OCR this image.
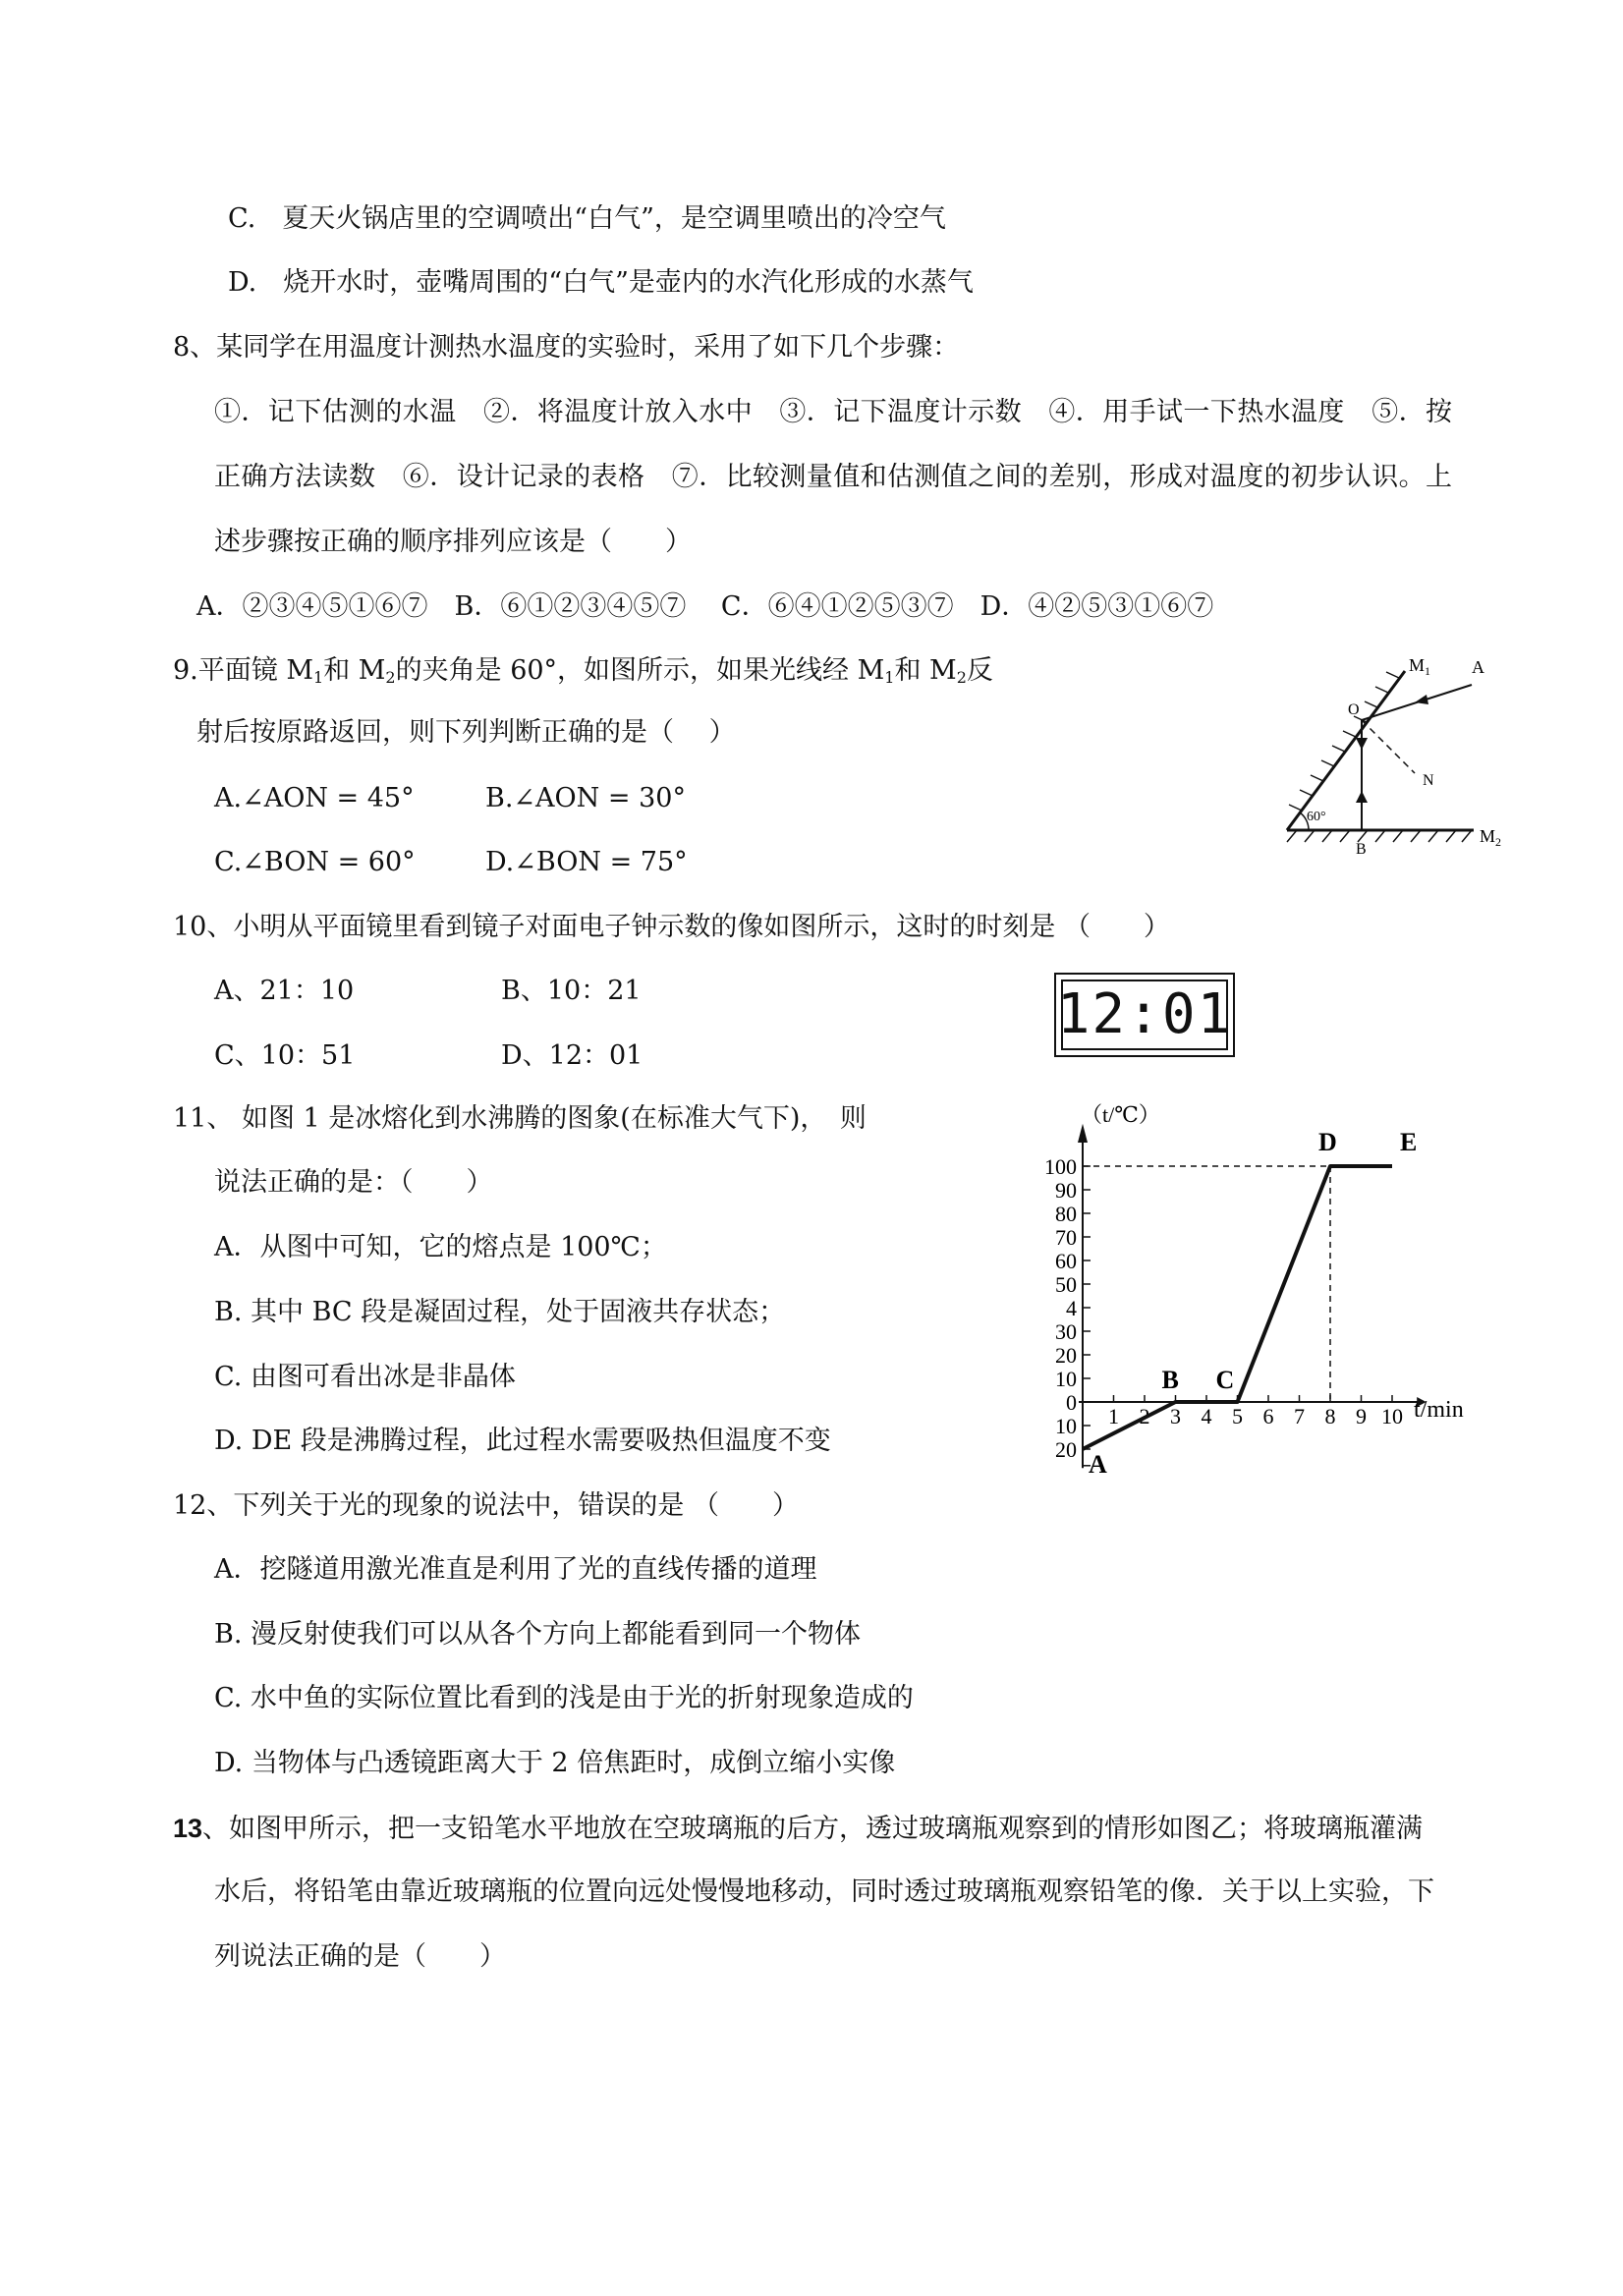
C.　夏天火锅店里的空调喷出“白气”，是空调里喷出的冷空气
D.　烧开水时，壶嘴周围的“白气”是壶内的水汽化形成的水蒸气
8、某同学在用温度计测热水温度的实验时，采用了如下几个步骤：
①．记下估测的水温　②．将温度计放入水中　③．记下温度计示数　④．用手试一下热水温度　⑤．按
正确方法读数　⑥．设计记录的表格　⑦．比较测量值和估测值之间的差别，形成对温度的初步认识。上
述步骤按正确的顺序排列应该是（　　）
A．②③④⑤①⑥⑦　B．⑥①②③④⑤⑦　 C．⑥④①②⑤③⑦　D．④②⑤③①⑥⑦
9.平面镜 $M_1$和 $M_2$的夹角是 60°，如图所示，如果光线经 $M_1$和 $M_2$反
射后按原路返回，则下列判断正确的是（　 ）
A.∠AON = 45°	B.∠AON = 30°
C.∠BON = 60°	D.∠BON = 75°
60°
$M_1$ A
O
N
B
$M_2$
10、小明从平面镜里看到镜子对面电子钟示数的像如图所示，这时的时刻是 （　　）
A、21：10	B、10：21
C、10：51	D、12：01
12:01
11、 如图 1 是冰熔化到水沸腾的图象(在标准大气下)，　则
说法正确的是：（　　）
A．从图中可知，它的熔点是 100℃；
B. 其中 BC 段是凝固过程，处于固液共存状态；
C. 由图可看出冰是非晶体
D. DE 段是沸腾过程，此过程水需要吸热但温度不变
100
90
80
70
60
50
4
30
20
10
0
10
20
1 2 3 4 5 6 7 8 9 10
（t/℃）
t/min
A
B C
D E
12、下列关于光的现象的说法中，错误的是 （　　）
A．挖隧道用激光准直是利用了光的直线传播的道理
B. 漫反射使我们可以从各个方向上都能看到同一个物体
C. 水中鱼的实际位置比看到的浅是由于光的折射现象造成的
D. 当物体与凸透镜距离大于 2 倍焦距时，成倒立缩小实像
13、如图甲所示，把一支铅笔水平地放在空玻璃瓶的后方，透过玻璃瓶观察到的情形如图乙；将玻璃瓶灌满
水后，将铅笔由靠近玻璃瓶的位置向远处慢慢地移动，同时透过玻璃瓶观察铅笔的像．关于以上实验，下
列说法正确的是（　　）
